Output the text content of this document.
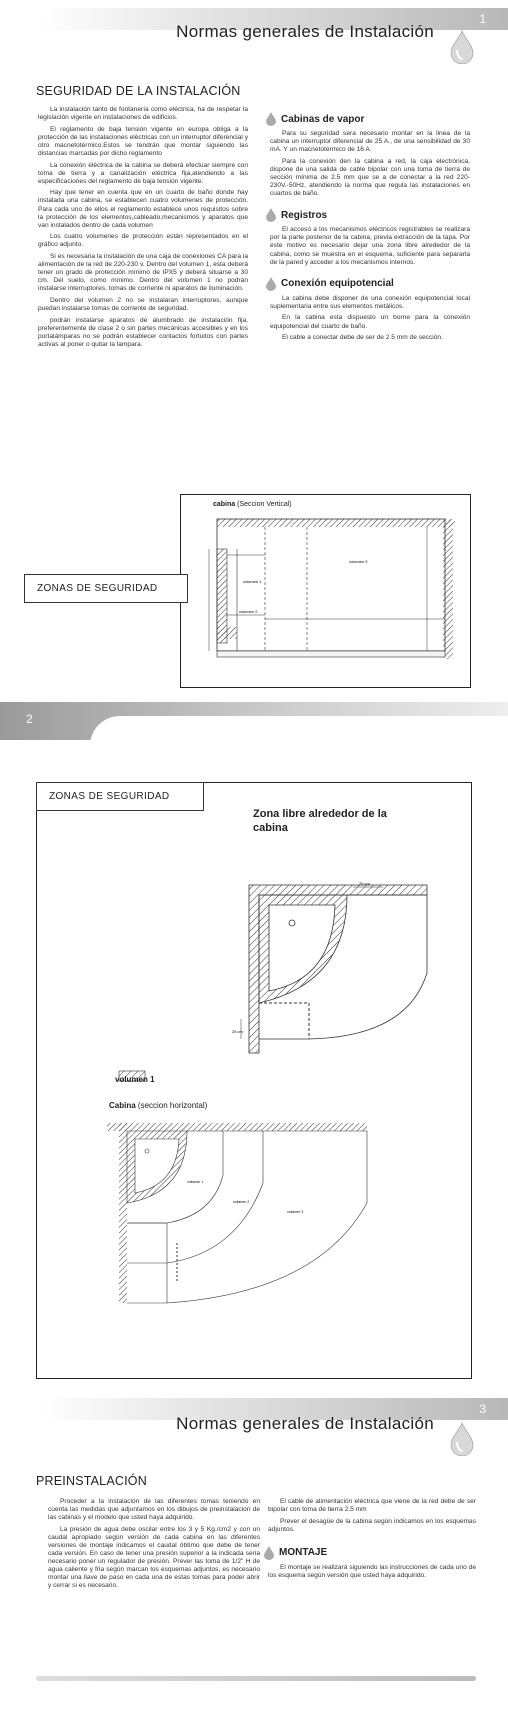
Normas generales de Instalación
1
SEGURIDAD DE LA INSTALACIÓN

La instalación tanto de fontanería como eléctrica, ha de respetar la legislación vigente en instalaciones de edificios.

El reglamento de baja tensión vigente en europa obliga a la protección de las instalaciones eléctricas con un interruptor diferencial y otro macnetotérmico.Estos se tendrán que montar siguiendo las distancias marcadas por dicho reglamento

La conexión eléctrica de la cabina se deberá efectuar siempre con toma de tierra y a canalización eléctrica fija,atendiendo a las especificaciones del reglamento de baja tensión vigente.

Hay que tener en cuenta que en un cuarto de baño donde hay instalada una cabina, se establecen cuatro volumenes de protección. Para cada uno de ellos el reglamento establece unos requisitos sobre la protección de los elementos,cableado,mecanismos y aparatos que van instalados dentro de cada volumen

Los cuatro volumenes de protección están representados en el gráfico adjunto.

Si es necesaria la instalación de una caja de conexiones CA para la alimentación de la red de 220-230 v. Dentro del volumen 1, esta deberá tener un grado de protección mínimo de IPX5 y deberá situarse a 30 cm. Del suelo, como mínimo. Dentro del volumen 1 no podrán instalarse interruptores, tomas de corriente ni aparatos de iluminación.

Dentro del volumen 2 no se instalaran interruptores, aunque puedan instalarse tomas de corriente de seguridad.

podrán instalarse aparatos de alumbrado de instalación fija, preferentemente de clase 2 o sin partes mecánicas accesibles y en los portalámparas no se podrán establecer contactos fortuitos con partes activas al poner o quitar la lampara.

Cabinas de vapor

Para su seguridad sera necesario montar en la linea de la cabina un interruptor diferencial de 25 A., de una sensibilidad de 30 mA. Y un macnetotérmico de 16 A.

Para la conexión den la cabina a red, la caja electrónica, dispone de una salida de cable bipolar con una toma de tierra de sección mínima de 2.5 mm que se a de conectar a la red 220-230V.-50Hz, atendiendo la norma que regula las instalaciones en cuartos de baño.

Registros

El acceso a los mecanismos eléctricos registrables se realizara por la parte posterior de la cabina, previa extracción de la tapa. Por este motivo es necesario dejar una zona libre alrededor de la cabina, como se muestra en el esquema, suficiente para separarla de la pared y acceder a los mecanismos internos.

Conexión equipotencial

La cabina debe disponer de una conexión equipotencial local suplementaria entre sus elementos metálicos.

En la cabina esta dispuesto un borne para la conexión equipotencial del cuarto de baño.

El cable a conectar debe de ser de 2.5 mm de sección.

cabina (Seccion Vertical)
volumen 1
volumen 2
volumen 3
ZONAS DE SEGURIDAD
2
ZONAS DE SEGURIDAD
Zona libre alrededor de la cabina
25 cm
25 cm
volumen 1
Cabina (seccion horizontal)
volumen 1
volumen 2
volumen 3
Normas generales de Instalación
3
PREINSTALACIÓN

Proceder a la instalación de las diferentes tomas teniendo en cuenta las medidas que adjuntamos en los dibujos de preinstalacion de las cabinas y el modelo que usted haya adquirido.

La presión de agua debe oscilar entre los 3 y 5 Kg./cm2 y con un caudal apropiado según versión de cada cabina en las diferentes versiones de montaje indicamos el caudal óbtimo que debe de tener cada versión. En caso de tener una presión superior a la indicada seria necesario poner un regulador de presión. Prever las toma de 1/2" H de agua caliente y fria según marcan los esquemas adjuntos, es necesario montar una llave de paso en cada una de estas tomas para poder abrir y cerrar si es necesario.

El cable de alimentación eléctrica que viene de la red debe de ser bipolar con toma de tierra 2.5 mm

Prever el desagüe de la cabina según indicamos en los esquemas adjuntos.

MONTAJE

El montaje se realizará siguiendo las instrucciones de cada uno de los esquema según versión que usted haya adquirido.
